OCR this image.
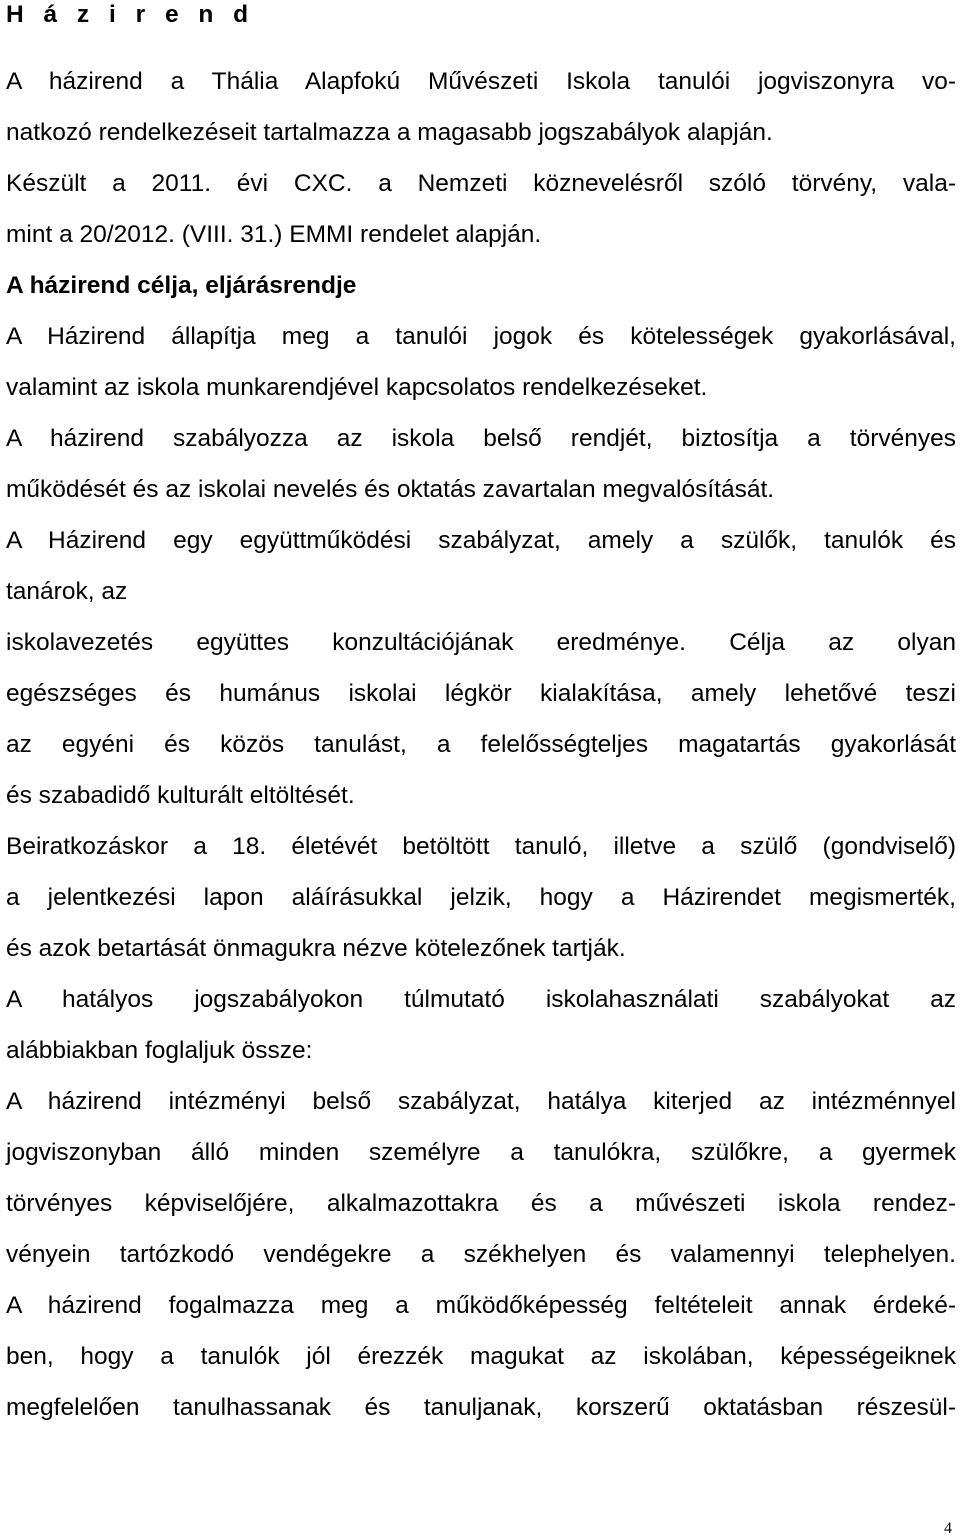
H á z i r e n d
A házirend a Thália Alapfokú Művészeti Iskola tanulói jogviszonyra vo-
natkozó rendelkezéseit tartalmazza a magasabb jogszabályok alapján.
Készült a 2011. évi CXC. a Nemzeti köznevelésről szóló törvény, vala-
mint a 20/2012. (VIII. 31.) EMMI rendelet alapján.
A házirend célja, eljárásrendje
A Házirend állapítja meg a tanulói jogok és kötelességek gyakorlásával,
valamint az iskola munkarendjével kapcsolatos rendelkezéseket.
A házirend szabályozza az iskola belső rendjét, biztosítja a törvényes
működését és az iskolai nevelés és oktatás zavartalan megvalósítását.
A Házirend egy együttműködési szabályzat, amely a szülők, tanulók és
tanárok, az
iskolavezetés együttes konzultációjának eredménye. Célja az olyan
egészséges és humánus iskolai légkör kialakítása, amely lehetővé teszi
az egyéni és közös tanulást, a felelősségteljes magatartás gyakorlását
és szabadidő kulturált eltöltését.
Beiratkozáskor a 18. életévét betöltött tanuló, illetve a szülő (gondviselő)
a jelentkezési lapon aláírásukkal jelzik, hogy a Házirendet megismerték,
és azok betartását önmagukra nézve kötelezőnek tartják.
A hatályos jogszabályokon túlmutató iskolahasználati szabályokat az
alábbiakban foglaljuk össze:
A házirend intézményi belső szabályzat, hatálya kiterjed az intézménnyel
jogviszonyban álló minden személyre a tanulókra, szülőkre, a gyermek
törvényes képviselőjére, alkalmazottakra és a művészeti iskola rendez-
vényein tartózkodó vendégekre a székhelyen és valamennyi telephelyen.
A házirend fogalmazza meg a működőképesség feltételeit annak érdeké-
ben, hogy a tanulók jól érezzék magukat az iskolában, képességeiknek
megfelelően tanulhassanak és tanuljanak, korszerű oktatásban részesül-
4
